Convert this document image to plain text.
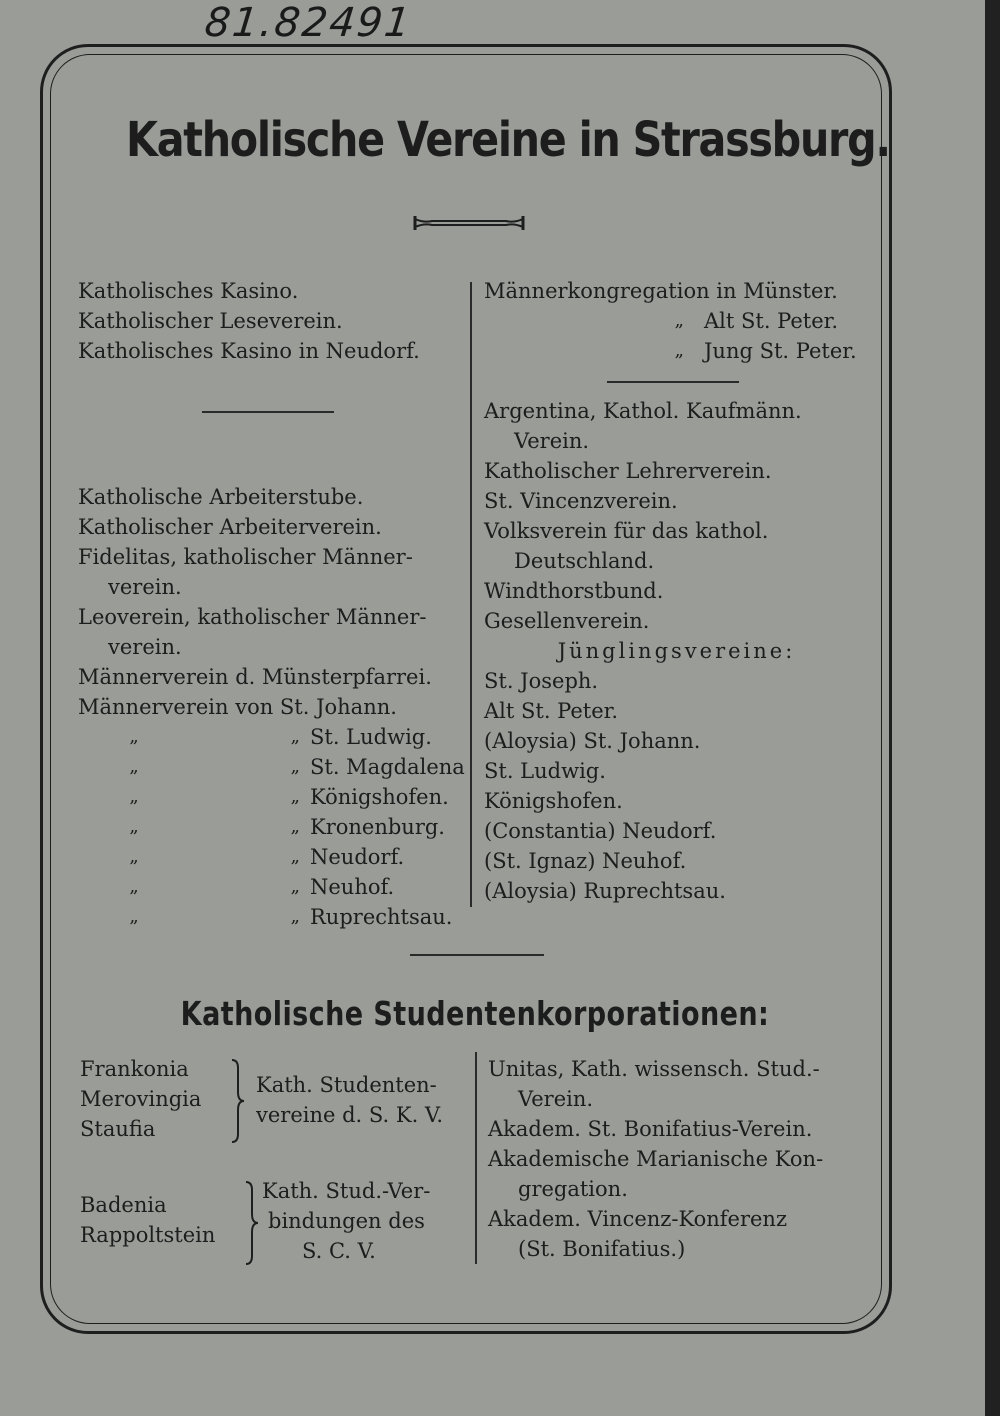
81.82491
Katholische Vereine in Strassburg.
Katholisches Kasino.
Katholischer Leseverein.
Katholisches Kasino in Neudorf.
Katholische Arbeiterstube.
Katholischer Arbeiterverein.
Fidelitas, katholischer Männer-
verein.
Leoverein, katholischer Männer-
verein.
Männerverein d. Münsterpfarrei.
Männerverein von St. Johann.
„	„ St. Ludwig.
„	„ St. Magdalena
„	„ Königshofen.
„	„ Kronenburg.
„	„ Neudorf.
„	„ Neuhof.
„	„ Ruprechtsau.
Männerkongregation in Münster.
„ Alt St. Peter.
„ Jung St. Peter.
Argentina, Kathol. Kaufmänn.
Verein.
Katholischer Lehrerverein.
St. Vincenzverein.
Volksverein für das kathol.
Deutschland.
Windthorstbund.
Gesellenverein.
Jünglingsvereine:
St. Joseph.
Alt St. Peter.
(Aloysia) St. Johann.
St. Ludwig.
Königshofen.
(Constantia) Neudorf.
(St. Ignaz) Neuhof.
(Aloysia) Ruprechtsau.
Katholische Studentenkorporationen:
Frankonia
Merovingia
Staufia
Kath. Studenten-
vereine d. S. K. V.
Badenia
Rappoltstein
Kath. Stud.-Ver-
bindungen des
S. C. V.
Unitas, Kath. wissensch. Stud.-
Verein.
Akadem. St. Bonifatius-Verein.
Akademische Marianische Kon-
gregation.
Akadem. Vincenz-Konferenz
(St. Bonifatius.)
